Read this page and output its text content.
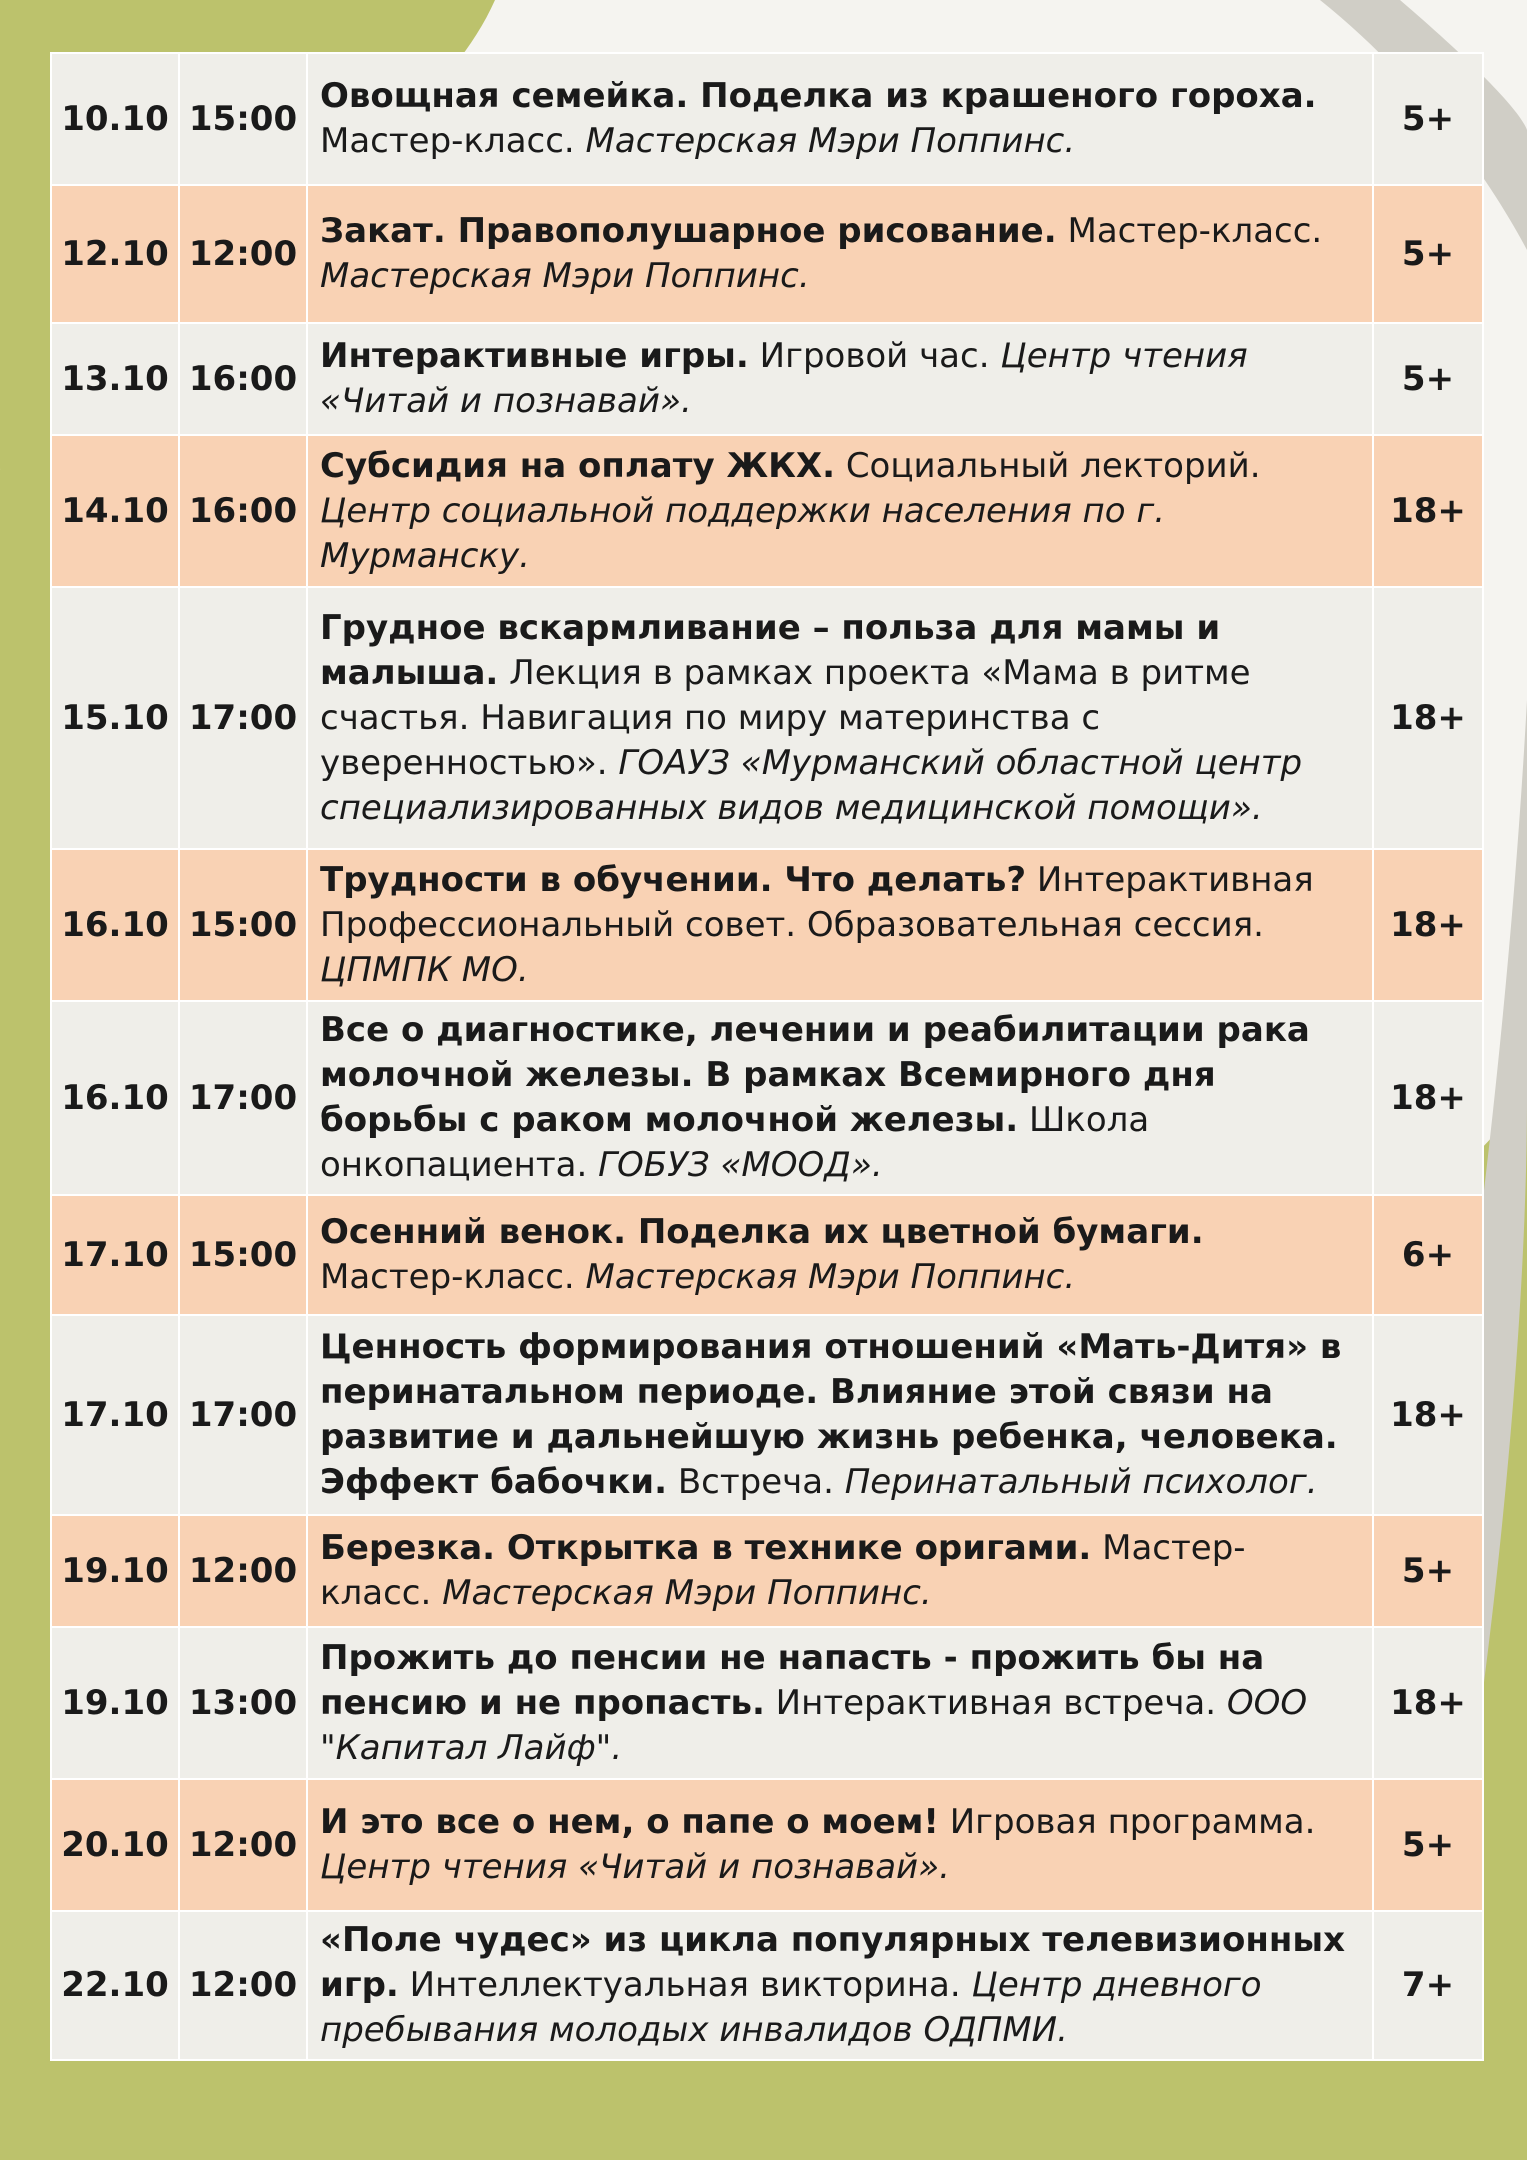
10.10	15:00	Овощная семейка. Поделка из крашеного гороха. Мастер-класс. Мастерская Мэри Поппинс.	5+
12.10	12:00	Закат. Правополушарное рисование. Мастер-класс. Мастерская Мэри Поппинс.	5+
13.10	16:00	Интерактивные игры. Игровой час. Центр чтения «Читай и познавай».	5+
14.10	16:00	Субсидия на оплату ЖКХ. Социальный лекторий. Центр социальной поддержки населения по г. Мурманску.	18+
15.10	17:00	Грудное вскармливание – польза для мамы и малыша. Лекция в рамках проекта «Мама в ритме счастья. Навигация по миру материнства с уверенностью». ГОАУЗ «Мурманский областной центр специализированных видов медицинской помощи».	18+
16.10	15:00	Трудности в обучении. Что делать? Интерактивная Профессиональный совет. Образовательная сессия. ЦПМПК МО.	18+
16.10	17:00	Все о диагностике, лечении и реабилитации рака молочной железы. В рамках Всемирного дня борьбы с раком молочной железы. Школа онкопациента. ГОБУЗ «МООД».	18+
17.10	15:00	Осенний венок. Поделка их цветной бумаги. Мастер-класс. Мастерская Мэри Поппинс.	6+
17.10	17:00	Ценность формирования отношений «Мать-Дитя» в перинатальном периоде. Влияние этой связи на развитие и дальнейшую жизнь ребенка, человека. Эффект бабочки. Встреча. Перинатальный психолог.	18+
19.10	12:00	Березка. Открытка в технике оригами. Мастер-класс. Мастерская Мэри Поппинс.	5+
19.10	13:00	Прожить до пенсии не напасть - прожить бы на пенсию и не пропасть. Интерактивная встреча. ООО "Капитал Лайф".	18+
20.10	12:00	И это все о нем, о папе о моем! Игровая программа. Центр чтения «Читай и познавай».	5+
22.10	12:00	«Поле чудес» из цикла популярных телевизионных игр. Интеллектуальная викторина. Центр дневного пребывания молодых инвалидов ОДПМИ.	7+
